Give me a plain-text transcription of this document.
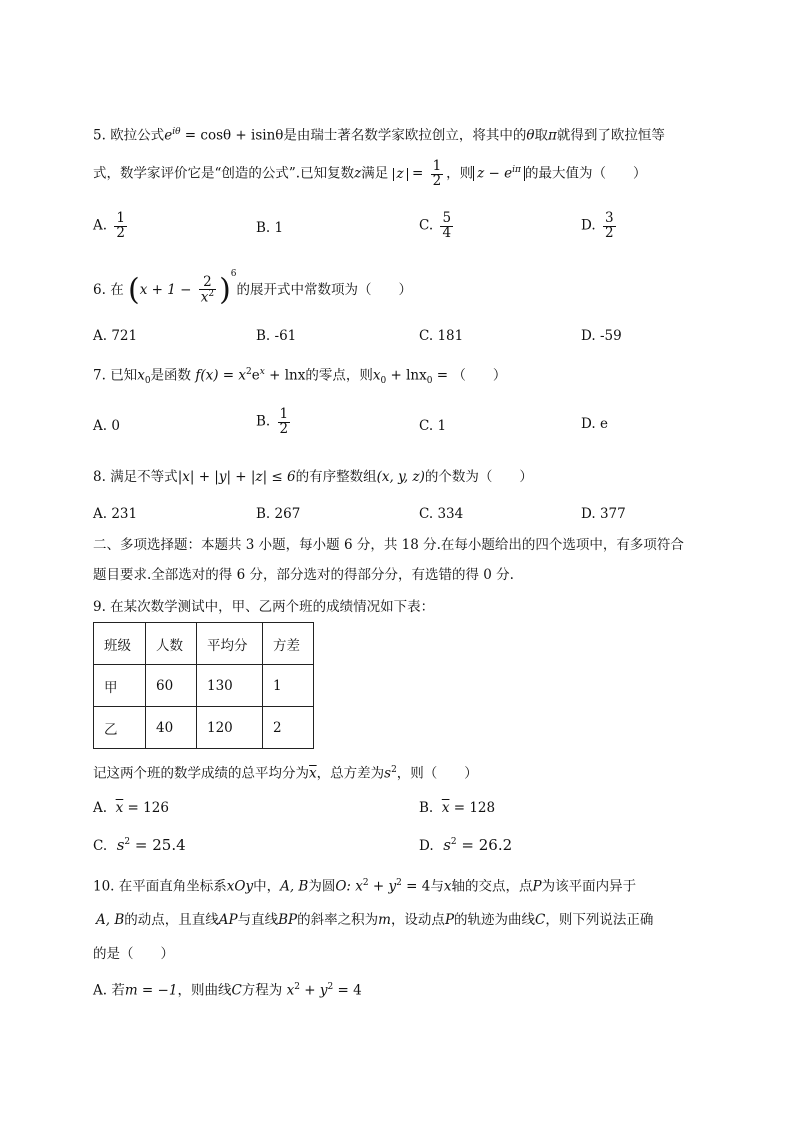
5. 欧拉公式$e^{i\theta} = \cos\theta + isin\theta$是由瑞士著名数学家欧拉创立，将其中的θ取π就得到了欧拉恒等
式，数学家评价它是“创造的公式”.已知复数z满足 $z = \frac{1}{2}$ ，则 $z - e^{i\pi}$ 的最大值为（　　）
A. $\frac{1}{2}$	B. 1	C. $\frac{5}{4}$	D. $\frac{3}{2}$
6. 在 $(x + 1 - \frac{2}{x^2} )^6$的展开式中常数项为（　　）
A. 721	B. -61	C. 181	D. -59
7. 已知$x_0$是函数 $f(x) = x^2e^x + \ln x$的零点，则$x_0 + \ln x_0$ = （　　）
A. 0	B. $\frac{1}{2}$	C. 1	D. e
8. 满足不等式|x| + |y| + |z| ≤ 6的有序整数组(x, y, z)的个数为（　　）
A. 231	B. 267	C. 334	D. 377
二、多项选择题：本题共 3 小题，每小题 6 分，共 18 分.在每小题给出的四个选项中，有多项符合
题目要求.全部选对的得 6 分，部分选对的得部分分，有选错的得 0 分.
9. 在某次数学测试中，甲、乙两个班的成绩情况如下表：
班级	人数	平均分	方差
甲	60	130	1
乙	40	120	2
记这两个班的数学成绩的总平均分为$\overline{x}$，总方差为$s^2$，则（　　）
A. $\overline{x} = 126$	B. $\overline{x} = 128$
C. $s^2 = 25.4$	D. $s^2 = 26.2$
10. 在平面直角坐标系xOy中，A, B为圆O: $x^2 + y^2 = 4$与x轴的交点，点P为该平面内异于
A, B的动点，且直线AP与直线BP的斜率之积为m，设动点P的轨迹为曲线C，则下列说法正确
的是（　　）
A. 若m = −1，则曲线C方程为 $x^2 + y^2 = 4$
